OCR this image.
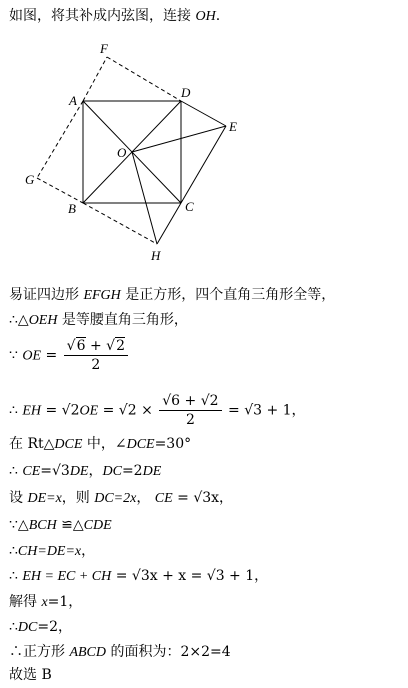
如图，将其补成内弦图，连接 OH.
F
A
D
E
O
G
B	C
H
易证四边形 EFGH 是正方形，四个直角三角形全等，
∴△OEH 是等腰直角三角形，
∵ OE = $\frac{√6 + √2}{2}$
∴ EH = $√2OE = √2 \times \frac{√6 + √2}{2} = √3 + 1$，
在 Rt△DCE 中，∠DCE=30°
∴ CE=√3DE，DC=2DE
设 DE=x，则 DC=2x， CE = √3x，
∵△BCH ≌△CDE
∴CH=DE=x，
∴ EH = EC + CH = √3x + x = √3 + 1，
解得 x=1，
∴DC=2，
∴正方形 ABCD 的面积为：2×2=4
故选 B
